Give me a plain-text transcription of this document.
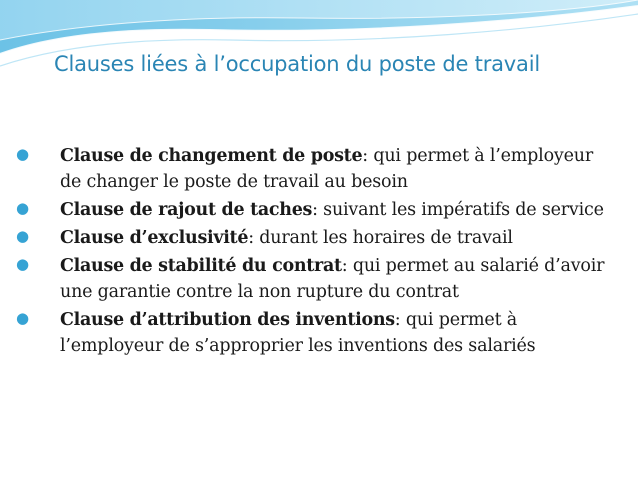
Clauses liées à l’occupation du poste de travail
● Clause de changement de poste: qui permet à l’employeur de changer le poste de travail au besoin
● Clause de rajout de taches: suivant les impératifs de service
● Clause d’exclusivité: durant les horaires de travail
● Clause de stabilité du contrat: qui permet au salarié d’avoir une garantie contre la non rupture du contrat
● Clause d’attribution des inventions: qui permet à l’employeur de s’approprier les inventions des salariés
